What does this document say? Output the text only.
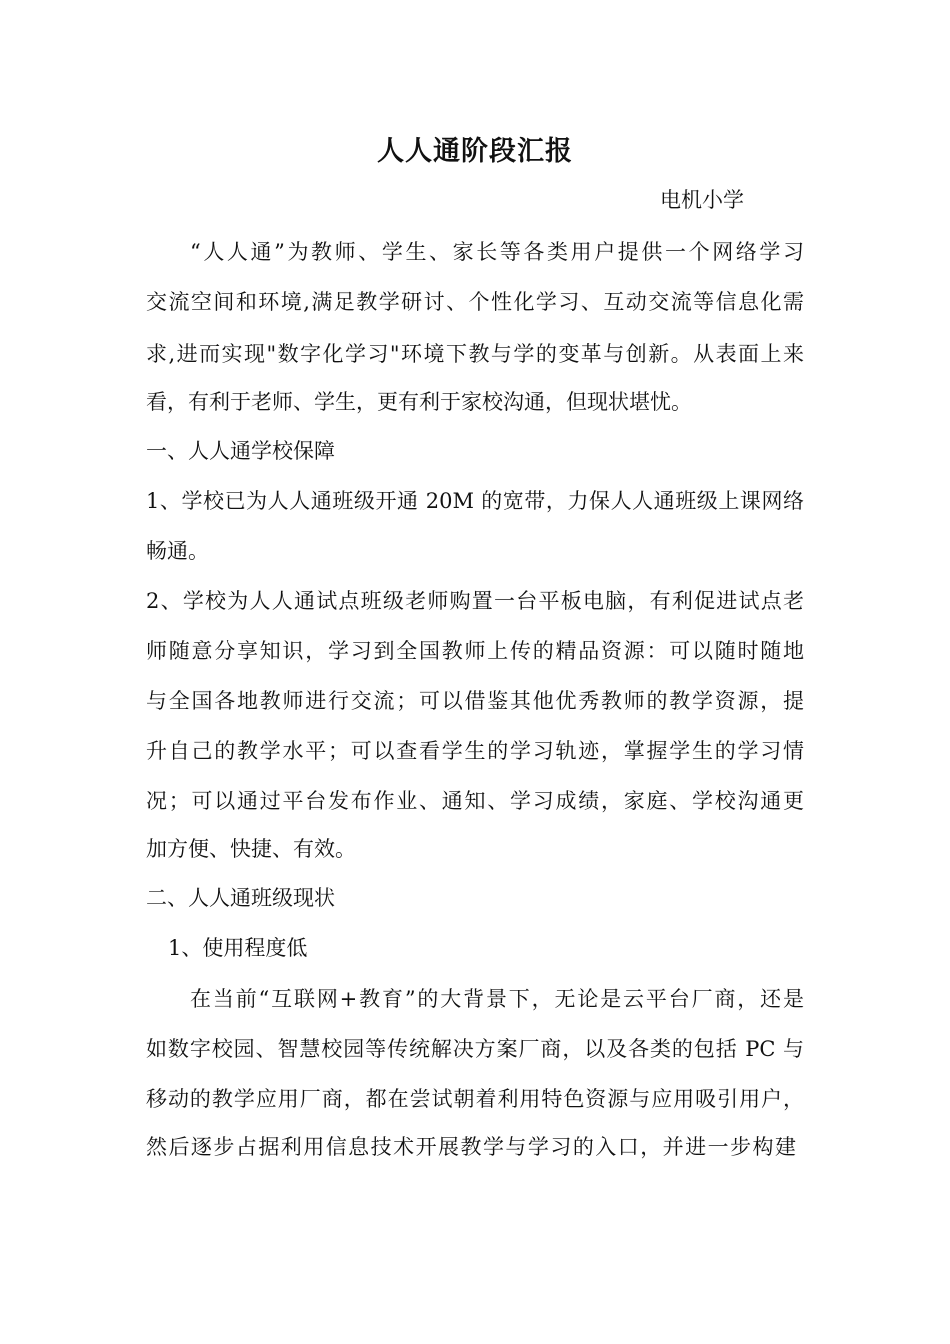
人人通阶段汇报
电机小学
“人人通”为教师、学生、家长等各类用户提供一个网络学习
交流空间和环境,满足教学研讨、个性化学习、互动交流等信息化需
求,进而实现"数字化学习"环境下教与学的变革与创新。从表面上来
看，有利于老师、学生，更有利于家校沟通，但现状堪忧。
一、人人通学校保障
1、学校已为人人通班级开通 20M 的宽带，力保人人通班级上课网络
畅通。
2、学校为人人通试点班级老师购置一台平板电脑，有利促进试点老
师随意分享知识，学习到全国教师上传的精品资源：可以随时随地
与全国各地教师进行交流；可以借鉴其他优秀教师的教学资源，提
升自己的教学水平；可以查看学生的学习轨迹，掌握学生的学习情
况；可以通过平台发布作业、通知、学习成绩，家庭、学校沟通更
加方便、快捷、有效。
二、人人通班级现状
1、使用程度低
在当前“互联网+教育”的大背景下，无论是云平台厂商，还是
如数字校园、智慧校园等传统解决方案厂商，以及各类的包括 PC 与
移动的教学应用厂商，都在尝试朝着利用特色资源与应用吸引用户，
然后逐步占据利用信息技术开展教学与学习的入口，并进一步构建
